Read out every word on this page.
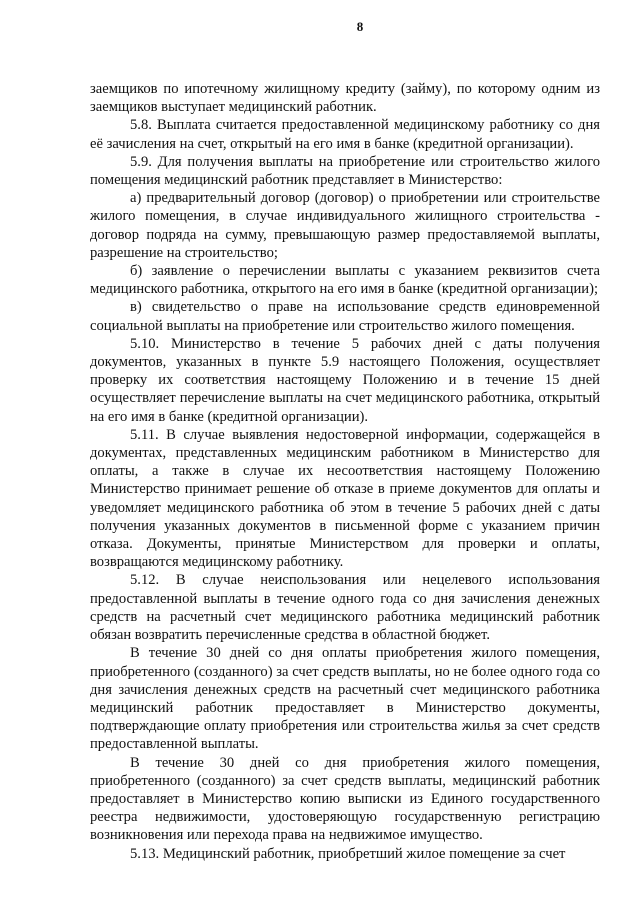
8

заемщиков по ипотечному жилищному кредиту (займу), по которому одним из заемщиков выступает медицинский работник.

5.8. Выплата считается предоставленной медицинскому работнику со дня её зачисления на счет, открытый на его имя в банке (кредитной организации).

5.9. Для получения выплаты на приобретение или строительство жилого помещения медицинский работник представляет в Министерство:

а) предварительный договор (договор) о приобретении или строительстве жилого помещения, в случае индивидуального жилищного строительства - договор подряда на сумму, превышающую размер предоставляемой выплаты, разрешение на строительство;

б) заявление о перечислении выплаты с указанием реквизитов счета медицинского работника, открытого на его имя в банке (кредитной организации);

в) свидетельство о праве на использование средств единовременной социальной выплаты на приобретение или строительство жилого помещения.

5.10. Министерство в течение 5 рабочих дней с даты получения документов, указанных в пункте 5.9 настоящего Положения, осуществляет проверку их соответствия настоящему Положению и в течение 15 дней осуществляет перечисление выплаты на счет медицинского работника, открытый на его имя в банке (кредитной организации).

5.11. В случае выявления недостоверной информации, содержащейся в документах, представленных медицинским работником в Министерство для оплаты, а также в случае их несоответствия настоящему Положению Министерство принимает решение об отказе в приеме документов для оплаты и уведомляет медицинского работника об этом в течение 5 рабочих дней с даты получения указанных документов в письменной форме с указанием причин отказа. Документы, принятые Министерством для проверки и оплаты, возвращаются медицинскому работнику.

5.12. В случае неиспользования или нецелевого использования предоставленной выплаты в течение одного года со дня зачисления денежных средств на расчетный счет медицинского работника медицинский работник обязан возвратить перечисленные средства в областной бюджет.

В течение 30 дней со дня оплаты приобретения жилого помещения, приобретенного (созданного) за счет средств выплаты, но не более одного года со дня зачисления денежных средств на расчетный счет медицинского работника медицинский работник предоставляет в Министерство документы, подтверждающие оплату приобретения или строительства жилья за счет средств предоставленной выплаты.

В течение 30 дней со дня приобретения жилого помещения, приобретенного (созданного) за счет средств выплаты, медицинский работник предоставляет в Министерство копию выписки из Единого государственного реестра недвижимости, удостоверяющую государственную регистрацию возникновения или перехода права на недвижимое имущество.

5.13. Медицинский работник, приобретший жилое помещение за счет
